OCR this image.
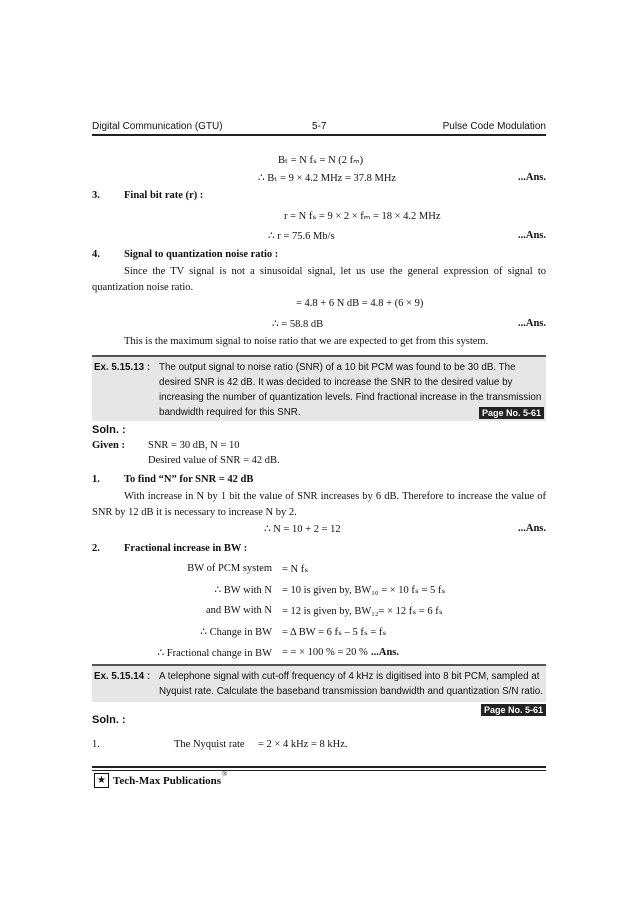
Digital Communication (GTU)	5-7	Pulse Code Modulation
Bₜ = N fₛ = N (2 fₘ)
∴ Bₜ = 9 × 4.2 MHz = 37.8 MHz	...Ans.
3. Final bit rate (r) :
r = N fₛ = 9 × 2 × fₘ = 18 × 4.2 MHz
∴ r = 75.6 Mb/s	...Ans.
4. Signal to quantization noise ratio :
Since the TV signal is not a sinusoidal signal, let us use the general expression of signal to quantization noise ratio.
= 4.8 + 6 N dB = 4.8 + (6 × 9)
∴ = 58.8 dB	...Ans.
This is the maximum signal to noise ratio that we are expected to get from this system.
Ex. 5.15.13 : The output signal to noise ratio (SNR) of a 10 bit PCM was found to be 30 dB. The
desired SNR is 42 dB. It was decided to increase the SNR to the desired value by
increasing the number of quantization levels. Find fractional increase in the transmission
bandwidth required for this SNR.	Page No. 5-61
Soln. :
Given : SNR = 30 dB, N = 10
Desired value of SNR = 42 dB.
1. To find “N” for SNR = 42 dB
With increase in N by 1 bit the value of SNR increases by 6 dB. Therefore to increase the value of SNR by 12 dB it is necessary to increase N by 2.
∴ N = 10 + 2 = 12	...Ans.
2. Fractional increase in BW :
BW of PCM system = N fₛ
∴ BW with N = 10 is given by, BW₁₀ = × 10 fₛ = 5 fₛ
and BW with N = 12 is given by, BW₁₂= × 12 fₛ = 6 fₛ
∴ Change in BW = Δ BW = 6 fₛ – 5 fₛ = fₛ
∴ Fractional change in BW = = × 100 % = 20 % ...Ans.
Ex. 5.15.14 : A telephone signal with cut-off frequency of 4 kHz is digitised into 8 bit PCM, sampled at
Nyquist rate. Calculate the baseband transmission bandwidth and quantization S/N ratio.
Page No. 5-61
Soln. :
1.	The Nyquist rate = 2 × 4 kHz = 8 kHz.
★ Tech-Max Publications
®
